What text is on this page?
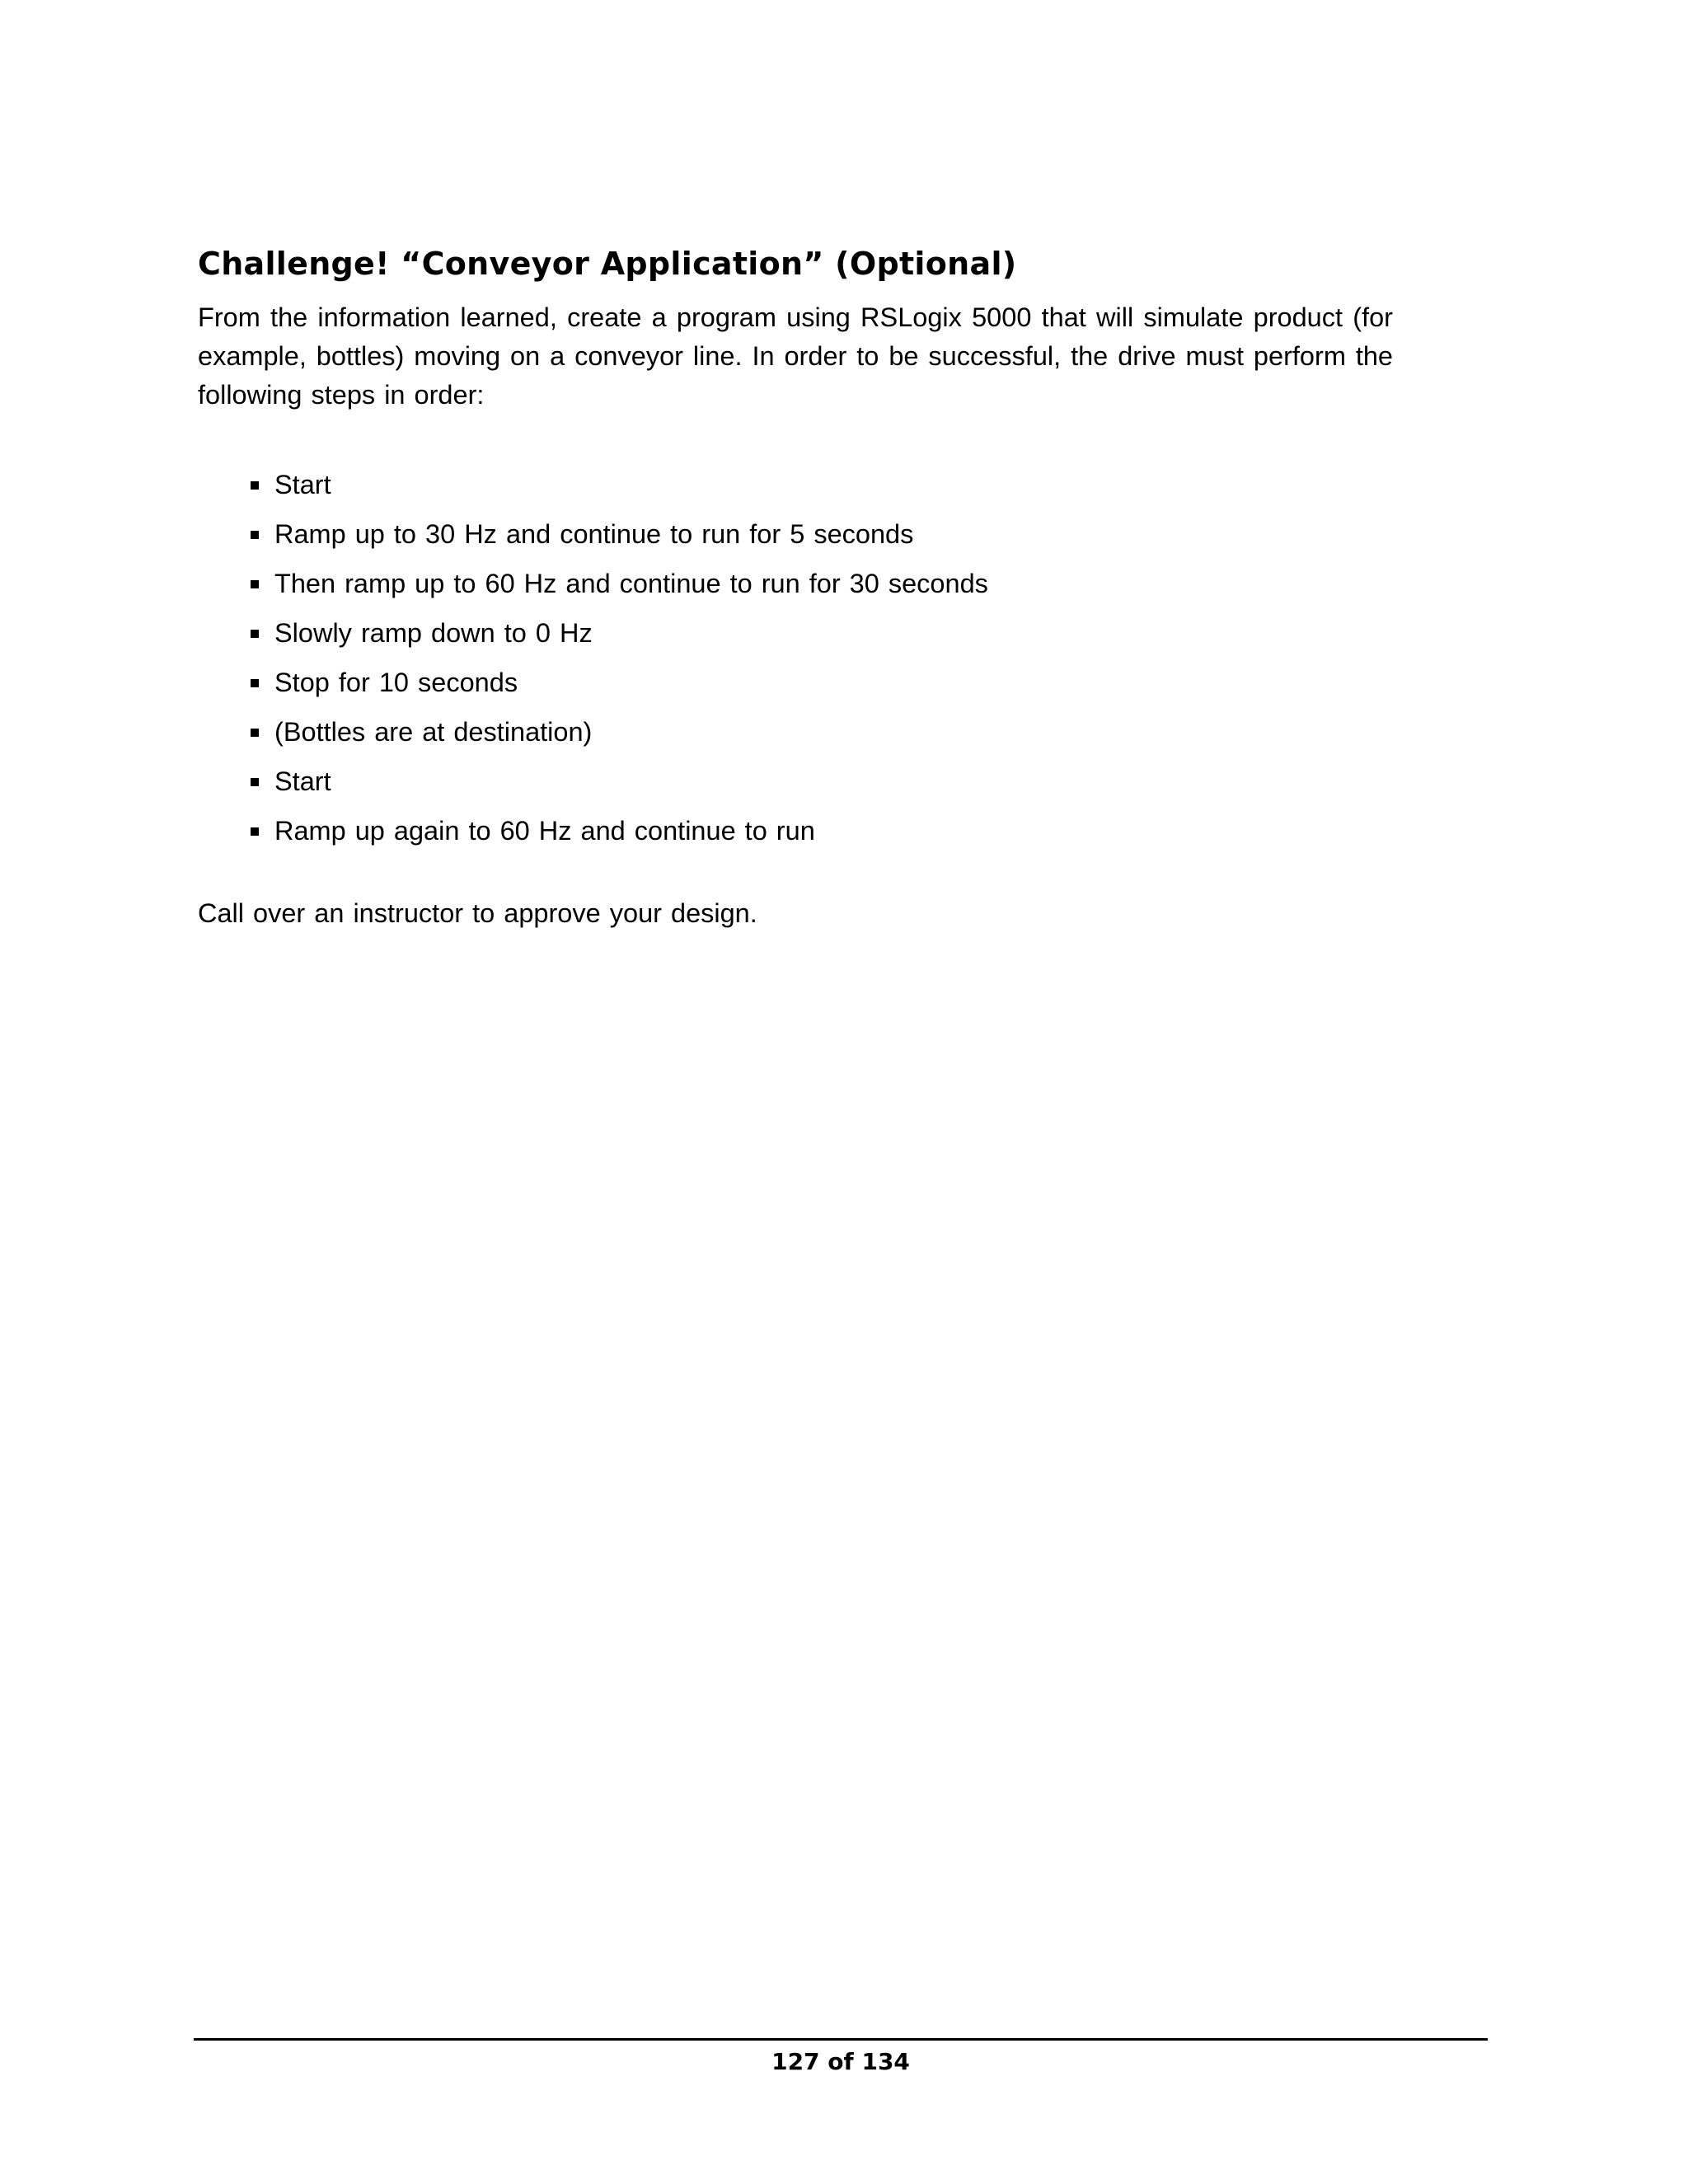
Challenge! “Conveyor Application” (Optional)

From the information learned, create a program using RSLogix 5000 that will simulate product (for example, bottles) moving on a conveyor line. In order to be successful, the drive must perform the following steps in order:

Start
Ramp up to 30 Hz and continue to run for 5 seconds
Then ramp up to 60 Hz and continue to run for 30 seconds
Slowly ramp down to 0 Hz
Stop for 10 seconds
(Bottles are at destination)
Start
Ramp up again to 60 Hz and continue to run

Call over an instructor to approve your design.

127 of 134
